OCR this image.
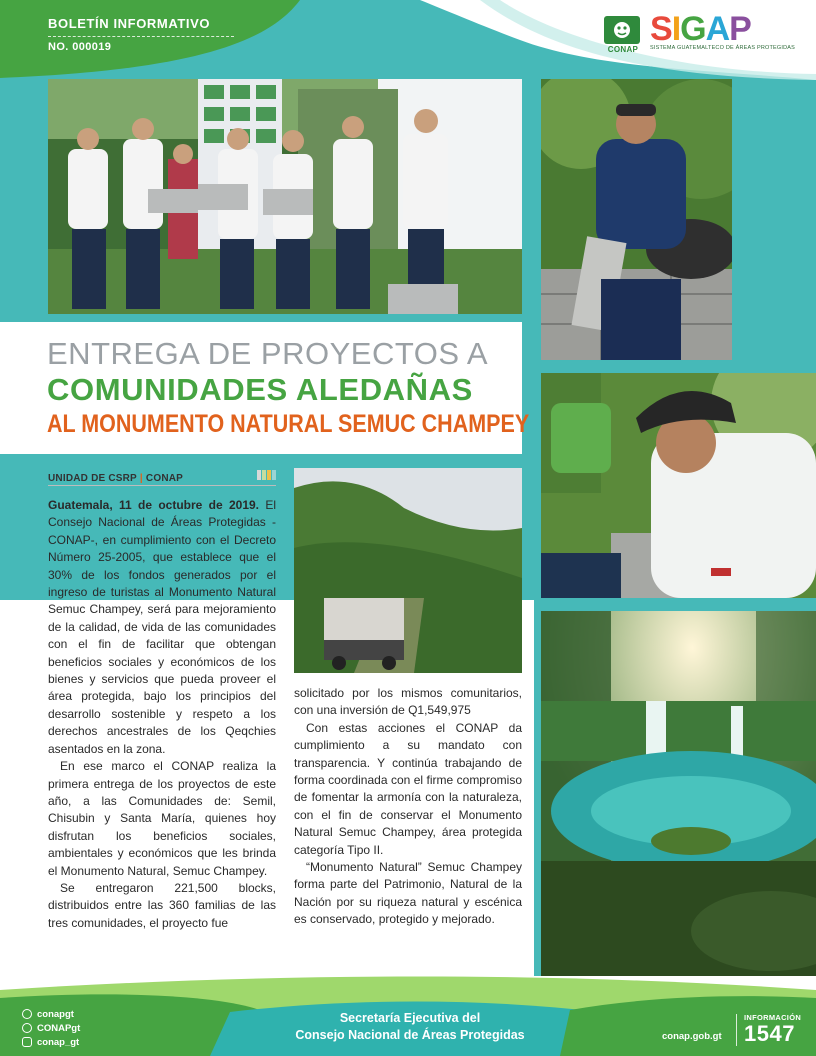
BOLETÍN INFORMATIVO
NO. 000019	CONAP
SIGAP
SISTEMA GUATEMALTECO DE ÁREAS PROTEGIDAS
ENTREGA DE PROYECTOS A
COMUNIDADES ALEDAÑAS
AL MONUMENTO NATURAL SEMUC CHAMPEY
UNIDAD DE CSRP | CONAP

Guatemala, 11 de octubre de 2019. El Consejo Nacional de Áreas Protegidas -CONAP-, en cumplimiento con el Decreto Número 25-2005, que establece que el 30% de los fondos generados por el ingreso de turistas al Monumento Natural Semuc Champey, será para mejoramiento de la calidad, de vida de las comunidades con el fin de facilitar que obtengan beneficios sociales y económicos de los bienes y servicios que pueda proveer el área protegida, bajo los principios del desarrollo sostenible y respeto a los derechos ancestrales de los Qeqchies asentados en la zona.

En ese marco el CONAP realiza la primera entrega de los proyectos de este año, a las Comunidades de: Semil, Chisubin y Santa María, quienes hoy disfrutan los beneficios sociales, ambientales y económicos que les brinda el Monumento Natural, Semuc Champey.

Se entregaron 221,500 blocks, distribuidos entre las 360 familias de las tres comunidades, el proyecto fue

solicitado por los mismos comunitarios, con una inversión de Q1,549,975

Con estas acciones el CONAP da cumplimiento a su mandato con transparencia. Y continúa trabajando de forma coordinada con el firme compromiso de fomentar la armonía con la naturaleza, con el fin de conservar el Monumento Natural Semuc Champey, área protegida categoría Tipo II.

“Monumento Natural” Semuc Champey forma parte del Patrimonio, Natural de la Nación por su riqueza natural y escénica es conservado, protegido y mejorado.

conapgt
CONAPgt
conap_gt
Secretaría Ejecutiva del
Consejo Nacional de Áreas Protegidas	conap.gob.gt
INFORMACIÓN
1547
